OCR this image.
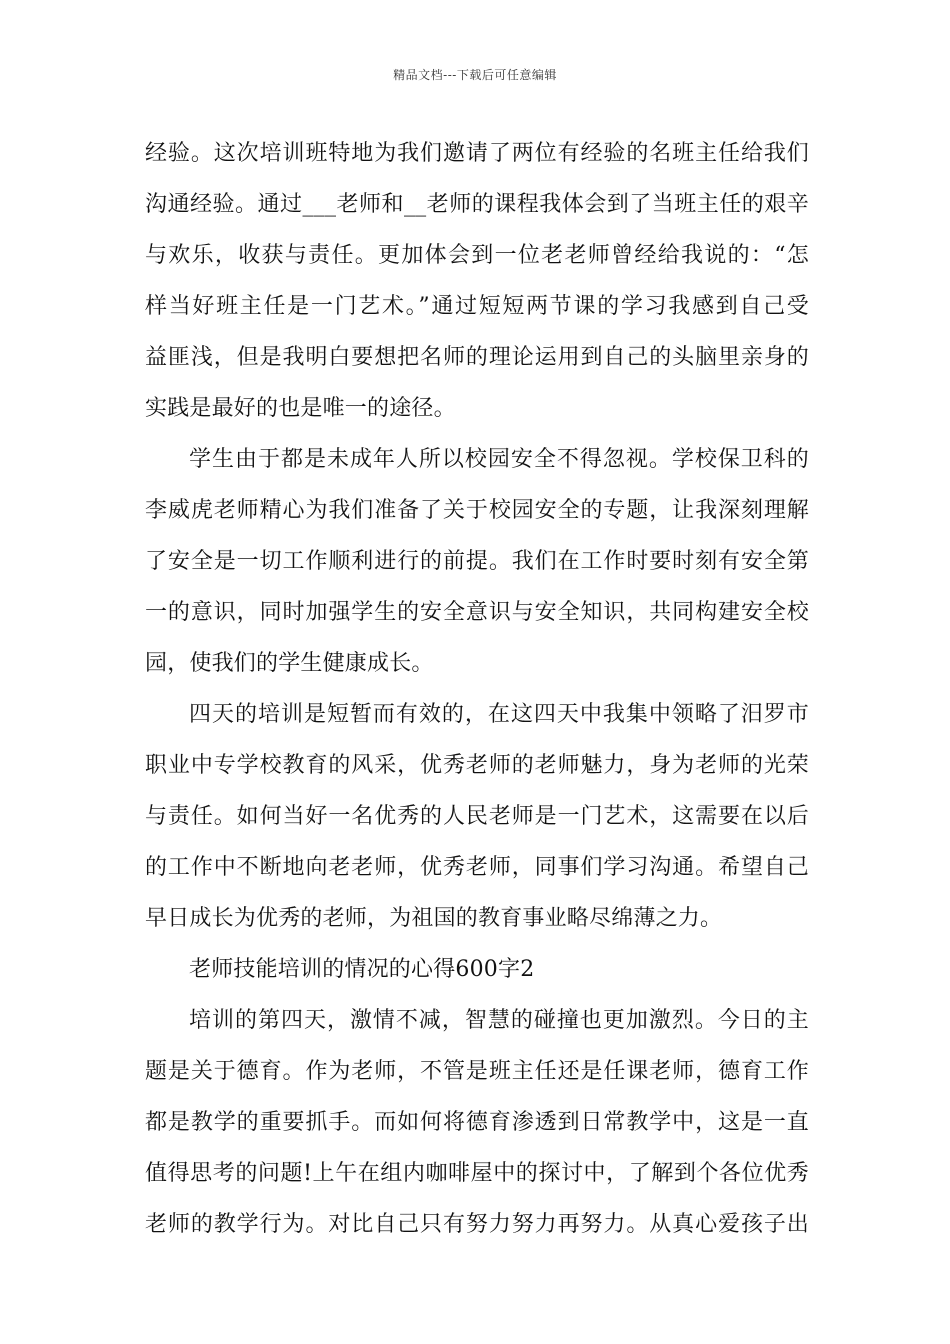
精品文档---下载后可任意编辑
经验。这次培训班特地为我们邀请了两位有经验的名班主任给我们
沟通经验。通过___老师和__老师的课程我体会到了当班主任的艰辛
与欢乐，收获与责任。更加体会到一位老老师曾经给我说的：“怎
样当好班主任是一门艺术。”通过短短两节课的学习我感到自己受
益匪浅，但是我明白要想把名师的理论运用到自己的头脑里亲身的
实践是最好的也是唯一的途径。
学生由于都是未成年人所以校园安全不得忽视。学校保卫科的
李威虎老师精心为我们准备了关于校园安全的专题，让我深刻理解
了安全是一切工作顺利进行的前提。我们在工作时要时刻有安全第
一的意识，同时加强学生的安全意识与安全知识，共同构建安全校
园，使我们的学生健康成长。
四天的培训是短暂而有效的，在这四天中我集中领略了汨罗市
职业中专学校教育的风采，优秀老师的老师魅力，身为老师的光荣
与责任。如何当好一名优秀的人民老师是一门艺术，这需要在以后
的工作中不断地向老老师，优秀老师，同事们学习沟通。希望自己
早日成长为优秀的老师，为祖国的教育事业略尽绵薄之力。
老师技能培训的情况的心得600字2
培训的第四天，激情不减，智慧的碰撞也更加激烈。今日的主
题是关于德育。作为老师，不管是班主任还是任课老师，德育工作
都是教学的重要抓手。而如何将德育渗透到日常教学中，这是一直
值得思考的问题!上午在组内咖啡屋中的探讨中，了解到个各位优秀
老师的教学行为。对比自己只有努力努力再努力。从真心爱孩子出
